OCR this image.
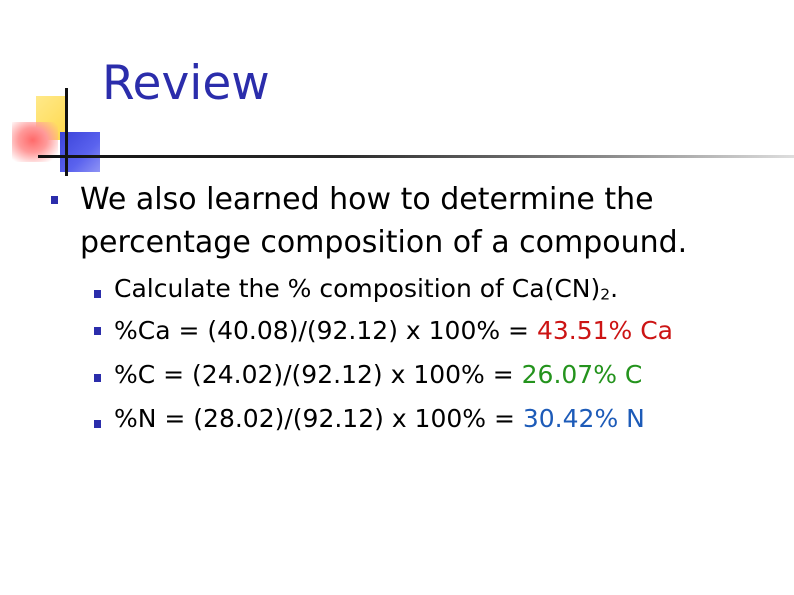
Review
We also learned how to determine the percentage composition of a compound.
Calculate the % composition of $Ca(CN)_2$.
%Ca = (40.08)/(92.12) x 100% = 43.51% Ca
%C = (24.02)/(92.12) x 100% = 26.07% C
%N = (28.02)/(92.12) x 100% = 30.42% N
